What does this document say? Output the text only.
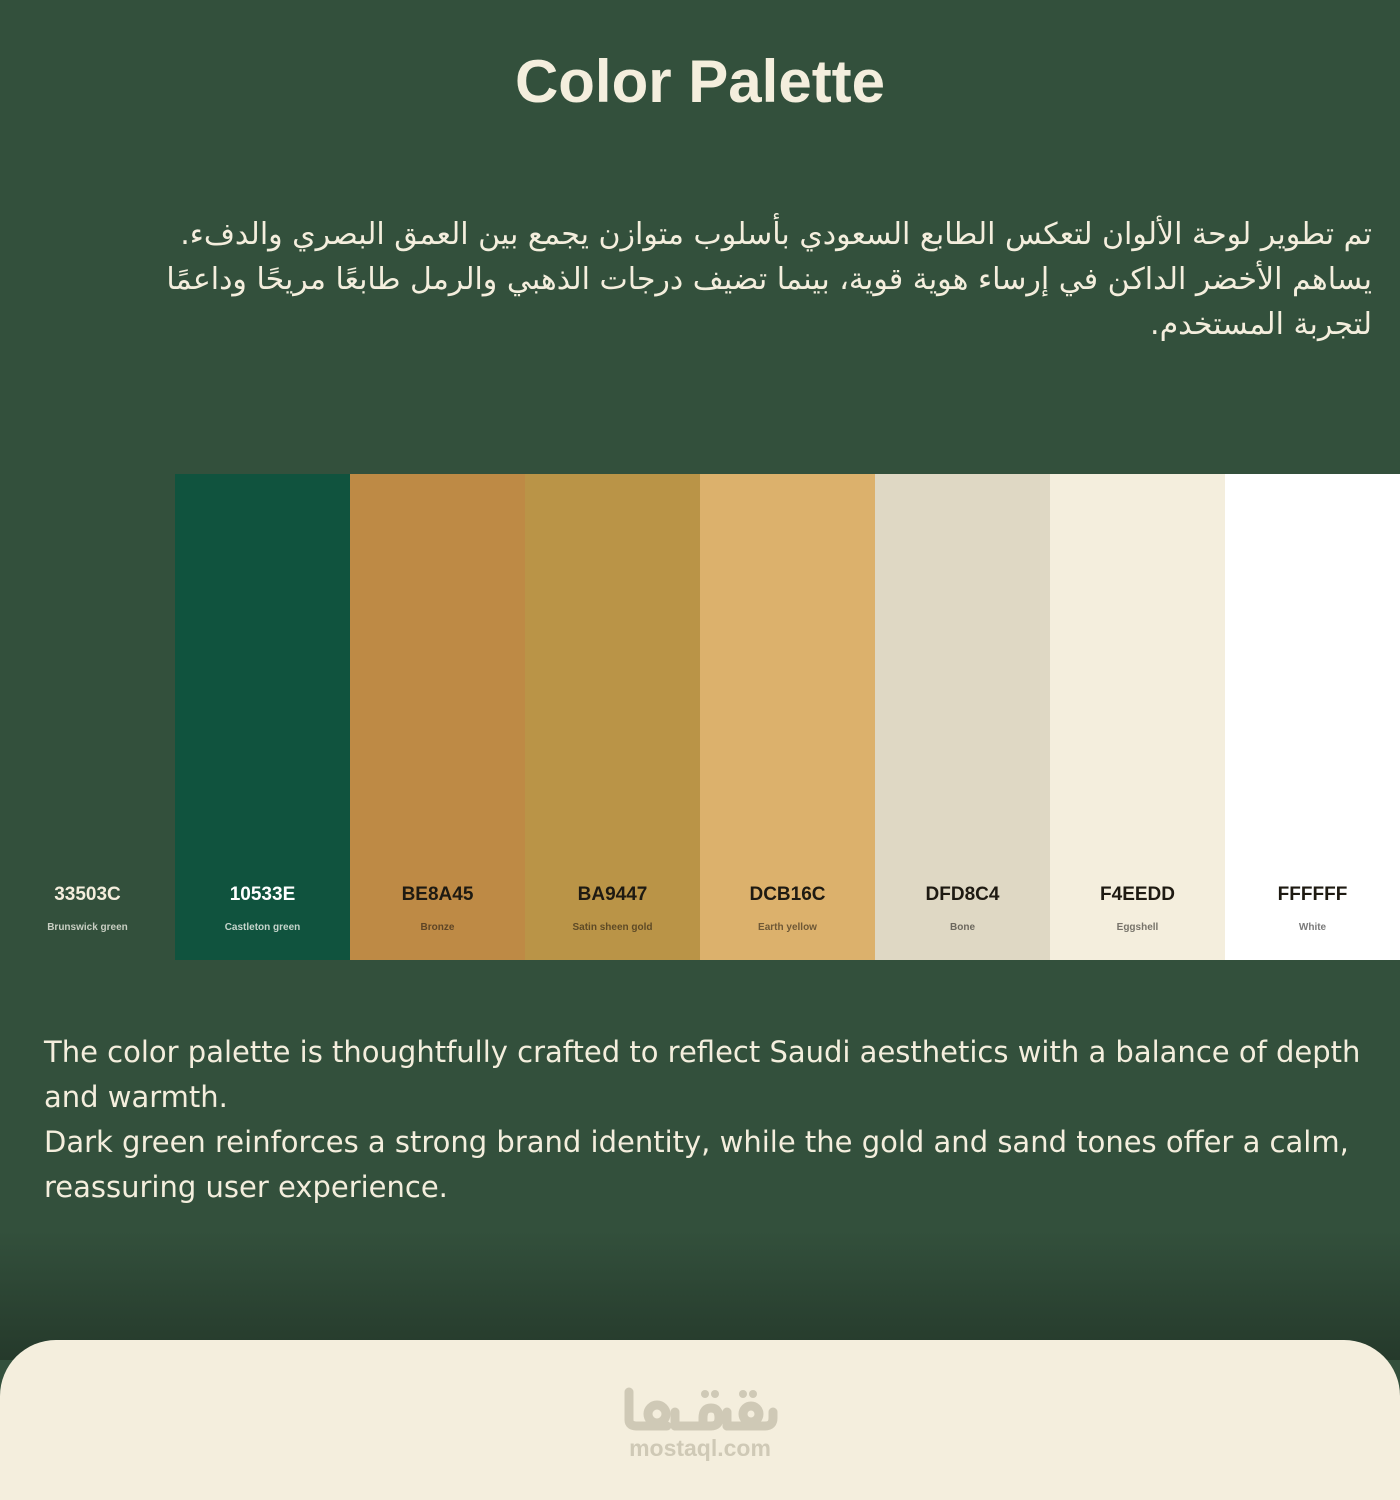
Color Palette

تم تطوير لوحة الألوان لتعكس الطابع السعودي بأسلوب متوازن يجمع بين العمق البصري والدفء.

يساهم الأخضر الداكن في إرساء هوية قوية، بينما تضيف درجات الذهبي والرمل طابعًا مريحًا وداعمًا لتجربة المستخدم.

33503C
Brunswick green
10533E
Castleton green
BE8A45
Bronze
BA9447
Satin sheen gold
DCB16C
Earth yellow
DFD8C4
Bone
F4EEDD
Eggshell
FFFFFF
White

The color palette is thoughtfully crafted to reflect Saudi aesthetics with a balance of depth and warmth.

Dark green reinforces a strong brand identity, while the gold and sand tones offer a calm, reassuring user experience.

mostaql.com
